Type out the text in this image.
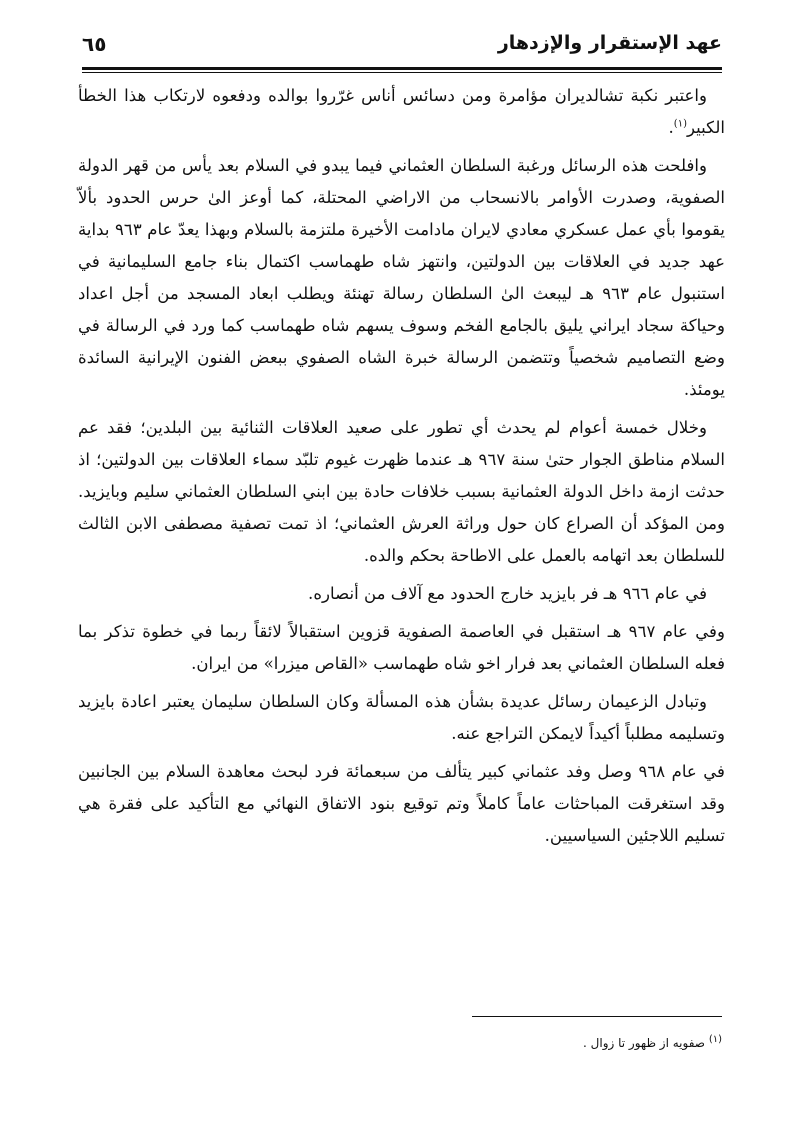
عهد الإستقرار والإزدهار
٦٥

واعتبر نكبة تشالديران مؤامرة ومن دسائس أناس غرّروا بوالده ودفعوه لارتكاب هذا الخطأ الكبير$^{(١)}$.

وافلحت هذه الرسائل ورغبة السلطان العثماني فيما يبدو في السلام بعد يأس من قهر الدولة الصفوية، وصدرت الأوامر بالانسحاب من الاراضي المحتلة، كما أوعز الىٰ حرس الحدود بألاّ يقوموا بأي عمل عسكري معادي لايران مادامت الأخيرة ملتزمة بالسلام وبهذا يعدّ عام ٩٦٣ بداية عهد جديد في العلاقات بين الدولتين، وانتهز شاه طهماسب اكتمال بناء جامع السليمانية في استنبول عام ٩٦٣ هـ ليبعث الىٰ السلطان رسالة تهنئة ويطلب ابعاد المسجد من أجل اعداد وحياكة سجاد ايراني يليق بالجامع الفخم وسوف يسهم شاه طهماسب كما ورد في الرسالة في وضع التصاميم شخصياً وتتضمن الرسالة خبرة الشاه الصفوي ببعض الفنون الإيرانية السائدة يومئذ.

وخلال خمسة أعوام لم يحدث أي تطور على صعيد العلاقات الثنائية بين البلدين؛ فقد عم السلام مناطق الجوار حتىٰ سنة ٩٦٧ هـ عندما ظهرت غيوم تلبّد سماء العلاقات بين الدولتين؛ اذ حدثت ازمة داخل الدولة العثمانية بسبب خلافات حادة بين ابني السلطان العثماني سليم وبايزيد. ومن المؤكد أن الصراع كان حول وراثة العرش العثماني؛ اذ تمت تصفية مصطفى الابن الثالث للسلطان بعد اتهامه بالعمل على الاطاحة بحكم والده.

في عام ٩٦٦ هـ فر بايزيد خارج الحدود مع آلاف من أنصاره.

وفي عام ٩٦٧ هـ استقبل في العاصمة الصفوية قزوين استقبالاً لائقاً ربما في خطوة تذكر بما فعله السلطان العثماني بعد فرار اخو شاه طهماسب «القاص ميزرا» من ايران.

وتبادل الزعيمان رسائل عديدة بشأن هذه المسألة وكان السلطان سليمان يعتبر اعادة بايزيد وتسليمه مطلباً أكيداً لايمكن التراجع عنه.

في عام ٩٦٨ وصل وفد عثماني كبير يتألف من سبعمائة فرد لبحث معاهدة السلام بين الجانبين وقد استغرقت المباحثات عاماً كاملاً وتم توقيع بنود الاتفاق النهائي مع التأكيد على فقرة هي تسليم اللاجئين السياسيين.

$^{(١)}$ صفويه از ظهور تا زوال .
